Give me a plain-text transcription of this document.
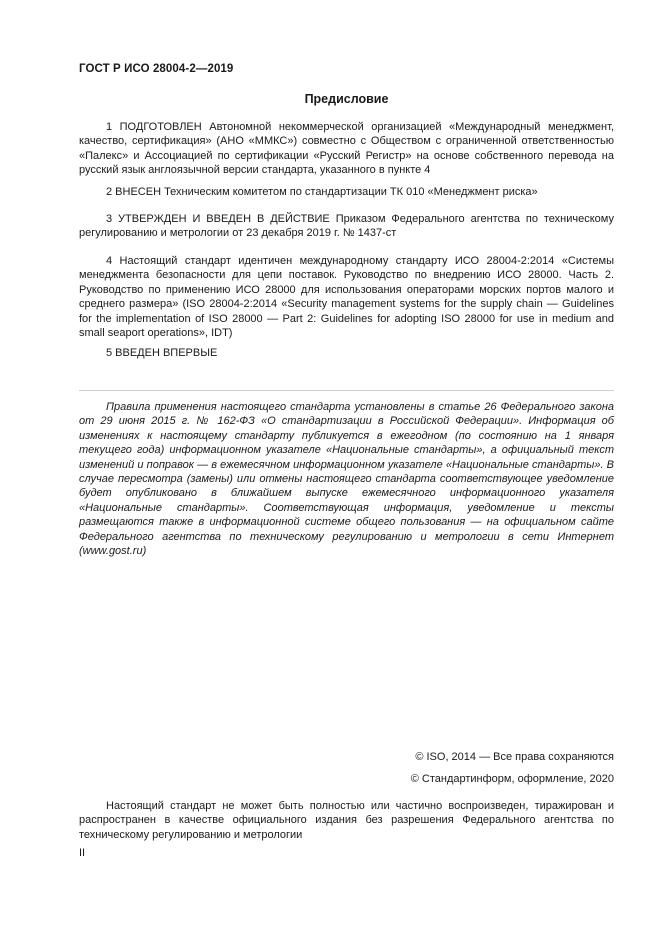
ГОСТ Р ИСО 28004-2—2019
Предисловие
1 ПОДГОТОВЛЕН Автономной некоммерческой организацией «Международный менеджмент, качество, сертификация» (АНО «ММКС») совместно с Обществом с ограниченной ответственностью «Палекс» и Ассоциацией по сертификации «Русский Регистр» на основе собственного перевода на русский язык англоязычной версии стандарта, указанного в пункте 4
2 ВНЕСЕН Техническим комитетом по стандартизации ТК 010 «Менеджмент риска»
3 УТВЕРЖДЕН И ВВЕДЕН В ДЕЙСТВИЕ Приказом Федерального агентства по техническому регулированию и метрологии от 23 декабря 2019 г. № 1437-ст
4 Настоящий стандарт идентичен международному стандарту ИСО 28004-2:2014 «Системы менеджмента безопасности для цепи поставок. Руководство по внедрению ИСО 28000. Часть 2. Руководство по применению ИСО 28000 для использования операторами морских портов малого и среднего размера» (ISO 28004-2:2014 «Security management systems for the supply chain — Guidelines for the implementation of ISO 28000 — Part 2: Guidelines for adopting ISO 28000 for use in medium and small seaport operations», IDT)
5 ВВЕДЕН ВПЕРВЫЕ
Правила применения настоящего стандарта установлены в статье 26 Федерального закона от 29 июня 2015 г. № 162-ФЗ «О стандартизации в Российской Федерации». Информация об изменениях к настоящему стандарту публикуется в ежегодном (по состоянию на 1 января текущего года) информационном указателе «Национальные стандарты», а официальный текст изменений и поправок — в ежемесячном информационном указателе «Национальные стандарты». В случае пересмотра (замены) или отмены настоящего стандарта соответствующее уведомление будет опубликовано в ближайшем выпуске ежемесячного информационного указателя «Национальные стандарты». Соответствующая информация, уведомление и тексты размещаются также в информационной системе общего пользования — на официальном сайте Федерального агентства по техническому регулированию и метрологии в сети Интернет (www.gost.ru)
© ISO, 2014 — Все права сохраняются
© Стандартинформ, оформление, 2020
Настоящий стандарт не может быть полностью или частично воспроизведен, тиражирован и распространен в качестве официального издания без разрешения Федерального агентства по техническому регулированию и метрологии
II
